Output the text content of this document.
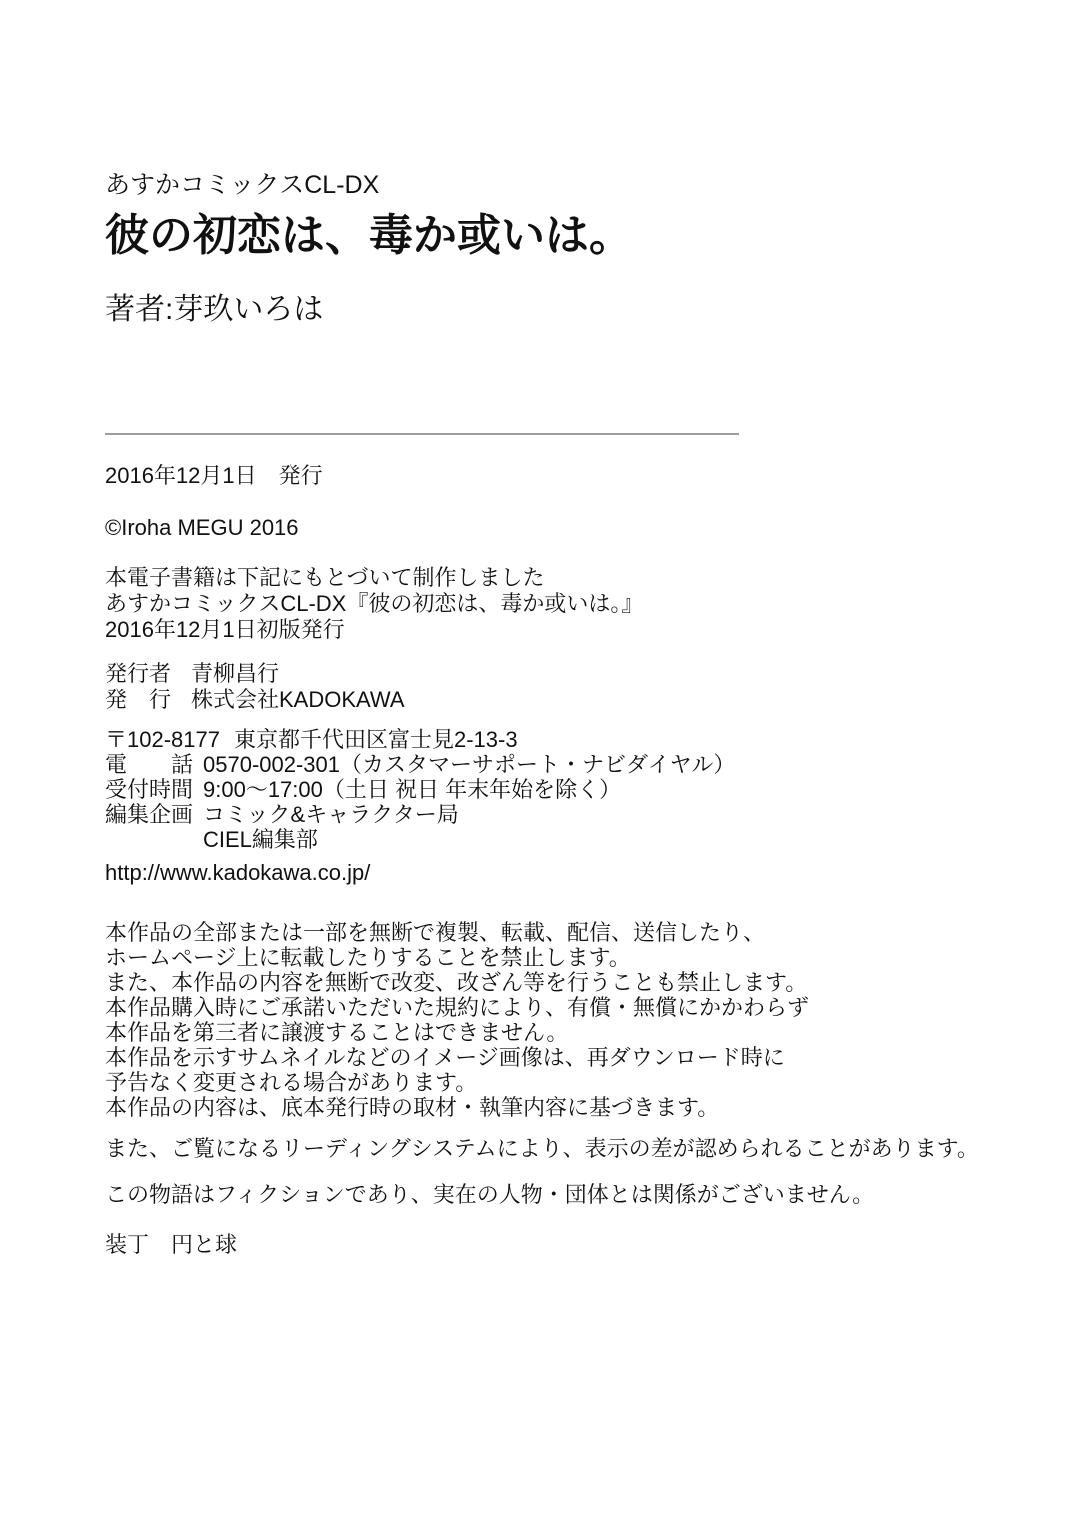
あすかコミックスCL-DX
彼の初恋は、毒か或いは。
著者:芽玖いろは
2016年12月1日　発行
©Iroha MEGU 2016
本電子書籍は下記にもとづいて制作しました
あすかコミックスCL-DX『彼の初恋は、毒か或いは。』
2016年12月1日初版発行
発行者 青柳昌行
発　行 株式会社KADOKAWA
〒102-8177 東京都千代田区富士見2-13-3
電　　話 0570-002-301（カスタマーサポート・ナビダイヤル）
受付時間 9:00～17:00（土日 祝日 年末年始を除く）
編集企画 コミック&キャラクター局
CIEL編集部
http://www.kadokawa.co.jp/
本作品の全部または一部を無断で複製、転載、配信、送信したり、
ホームページ上に転載したりすることを禁止します。
また、本作品の内容を無断で改変、改ざん等を行うことも禁止します。
本作品購入時にご承諾いただいた規約により、有償・無償にかかわらず
本作品を第三者に譲渡することはできません。
本作品を示すサムネイルなどのイメージ画像は、再ダウンロード時に
予告なく変更される場合があります。
本作品の内容は、底本発行時の取材・執筆内容に基づきます。
また、ご覧になるリーディングシステムにより、表示の差が認められることがあります。
この物語はフィクションであり、実在の人物・団体とは関係がございません。
装丁　円と球
